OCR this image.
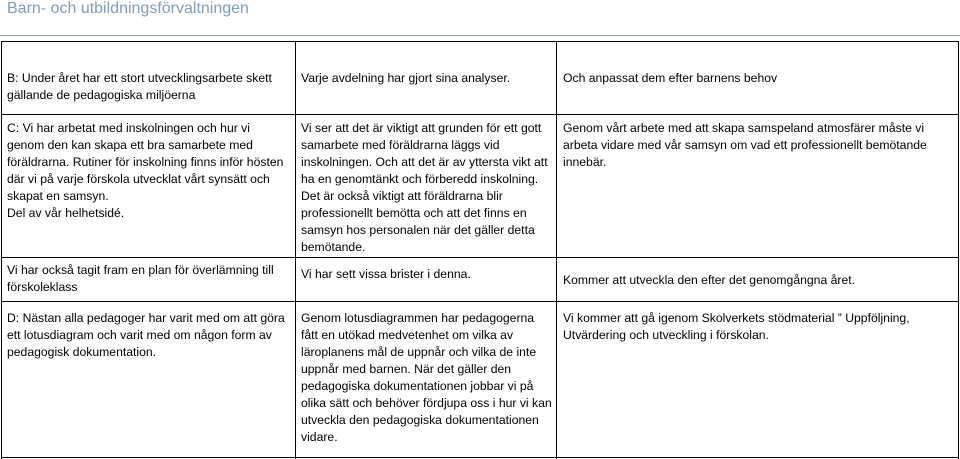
Barn- och utbildningsförvaltningen
B: Under året har ett stort utvecklingsarbete skett gällande de pedagogiska miljöerna
Varje avdelning har gjort sina analyser.	Och anpassat dem efter barnens behov
C: Vi har arbetat med inskolningen och hur vi genom den kan skapa ett bra samarbete med föräldrarna. Rutiner för inskolning finns inför hösten där vi på varje förskola utvecklat vårt synsätt och skapat en samsyn.
Del av vår helhetsidé.
Vi ser att det är viktigt att grunden för ett gott samarbete med föräldrarna läggs vid inskolningen. Och att det är av yttersta vikt att ha en genomtänkt och förberedd inskolning. Det är också viktigt att föräldrarna blir professionellt bemötta och att det finns en samsyn hos personalen när det gäller detta bemötande.
Genom vårt arbete med att skapa samspeland atmosfärer måste vi arbeta vidare med vår samsyn om vad ett professionellt bemötande innebär.
Vi har också tagit fram en plan för överlämning till förskoleklass
Vi har sett vissa brister i denna.	Kommer att utveckla den efter det genomgångna året.
D: Nästan alla pedagoger har varit med om att göra ett lotusdiagram och varit med om någon form av pedagogisk dokumentation.
Genom lotusdiagrammen har pedagogerna fått en utökad medvetenhet om vilka av läroplanens mål de uppnår och vilka de inte uppnår med barnen. När det gäller den pedagogiska dokumentationen jobbar vi på olika sätt och behöver fördjupa oss i hur vi kan utveckla den pedagogiska dokumentationen vidare.
Vi kommer att gå igenom Skolverkets stödmaterial ” Uppföljning, Utvärdering och utveckling i förskolan.
